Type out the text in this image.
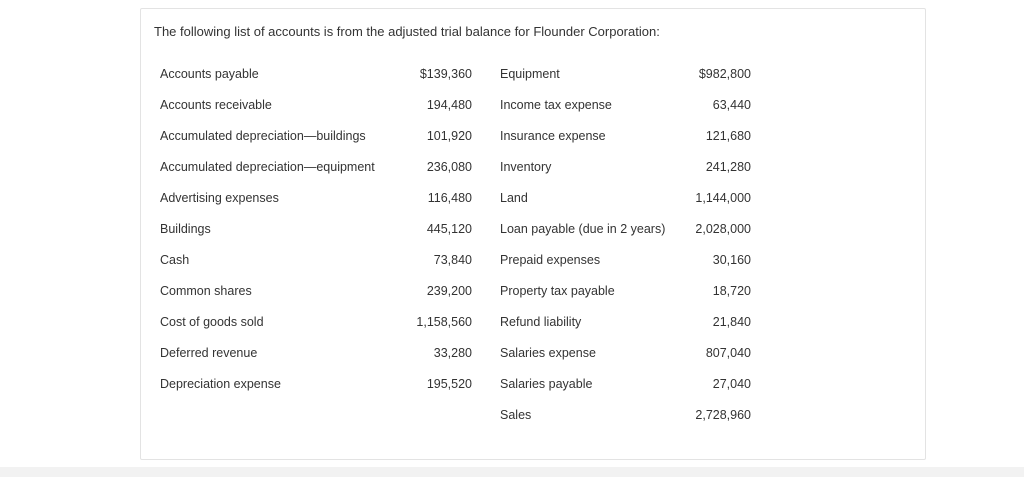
The following list of accounts is from the adjusted trial balance for Flounder Corporation:
Accounts payable	$139,360 Equipment	$982,800
Accounts receivable	194,480 Income tax expense	63,440
Accumulated depreciation—buildings	101,920 Insurance expense	121,680
Accumulated depreciation—equipment	236,080 Inventory	241,280
Advertising expenses	116,480 Land	1,144,000
Buildings	445,120 Loan payable (due in 2 years)	2,028,000
Cash	73,840 Prepaid expenses	30,160
Common shares	239,200 Property tax payable	18,720
Cost of goods sold	1,158,560 Refund liability	21,840
Deferred revenue	33,280 Salaries expense	807,040
Depreciation expense	195,520 Salaries payable	27,040
Sales	2,728,960
